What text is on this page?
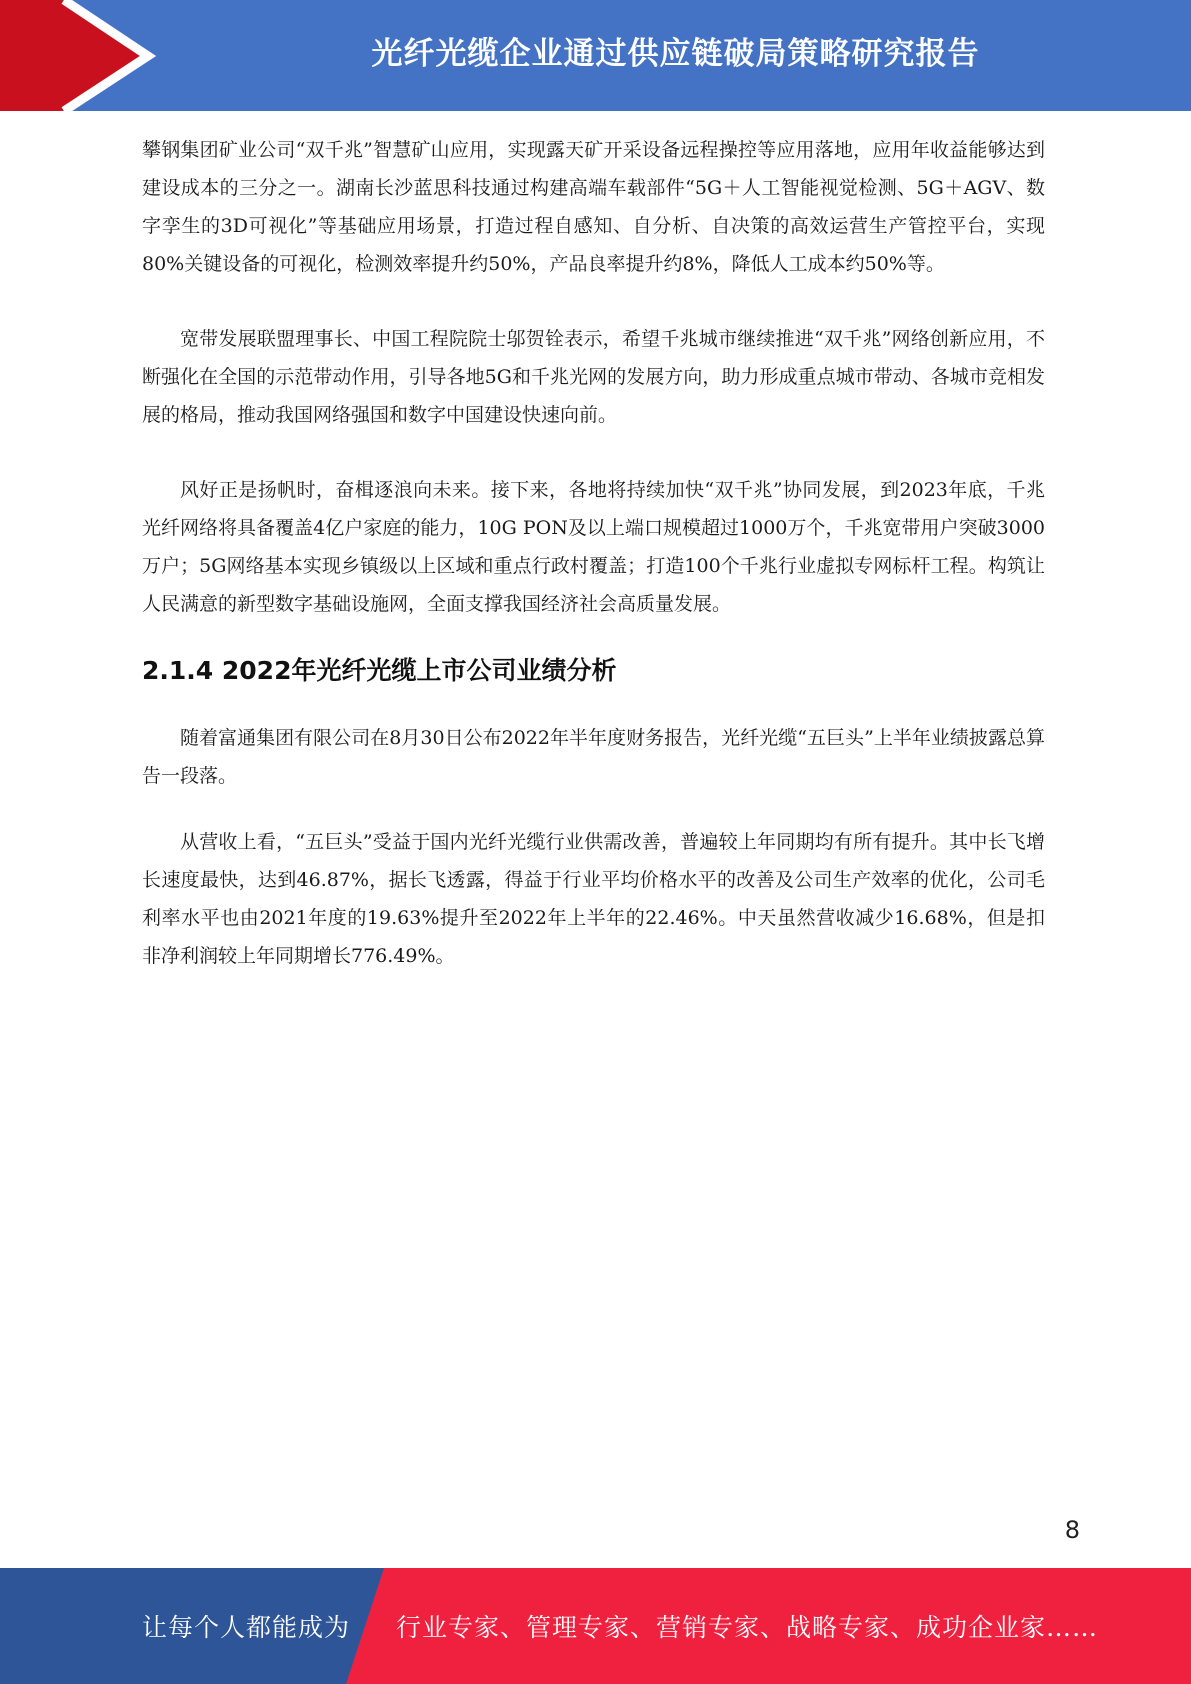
光纤光缆企业通过供应链破局策略研究报告

攀钢集团矿业公司“双千兆”智慧矿山应用，实现露天矿开采设备远程操控等应用落地，应用年收益能够达到建设成本的三分之一。湖南长沙蓝思科技通过构建高端车载部件“5G＋人工智能视觉检测、5G＋AGV、数字孪生的3D可视化”等基础应用场景，打造过程自感知、自分析、自决策的高效运营生产管控平台，实现80%关键设备的可视化，检测效率提升约50%，产品良率提升约8%，降低人工成本约50%等。

宽带发展联盟理事长、中国工程院院士邬贺铨表示，希望千兆城市继续推进“双千兆”网络创新应用，不断强化在全国的示范带动作用，引导各地5G和千兆光网的发展方向，助力形成重点城市带动、各城市竞相发展的格局，推动我国网络强国和数字中国建设快速向前。

风好正是扬帆时，奋楫逐浪向未来。接下来，各地将持续加快“双千兆”协同发展，到2023年底，千兆光纤网络将具备覆盖4亿户家庭的能力，10G PON及以上端口规模超过1000万个，千兆宽带用户突破3000万户；5G网络基本实现乡镇级以上区域和重点行政村覆盖；打造100个千兆行业虚拟专网标杆工程。构筑让人民满意的新型数字基础设施网，全面支撑我国经济社会高质量发展。

2.1.4 2022年光纤光缆上市公司业绩分析

随着富通集团有限公司在8月30日公布2022年半年度财务报告，光纤光缆“五巨头”上半年业绩披露总算告一段落。

从营收上看，“五巨头”受益于国内光纤光缆行业供需改善，普遍较上年同期均有所有提升。其中长飞增长速度最快，达到46.87%，据长飞透露，得益于行业平均价格水平的改善及公司生产效率的优化，公司毛利率水平也由2021年度的19.63%提升至2022年上半年的22.46%。中天虽然营收减少16.68%，但是扣非净利润较上年同期增长776.49%。

8
让每个人都能成为 行业专家、管理专家、营销专家、战略专家、成功企业家……
